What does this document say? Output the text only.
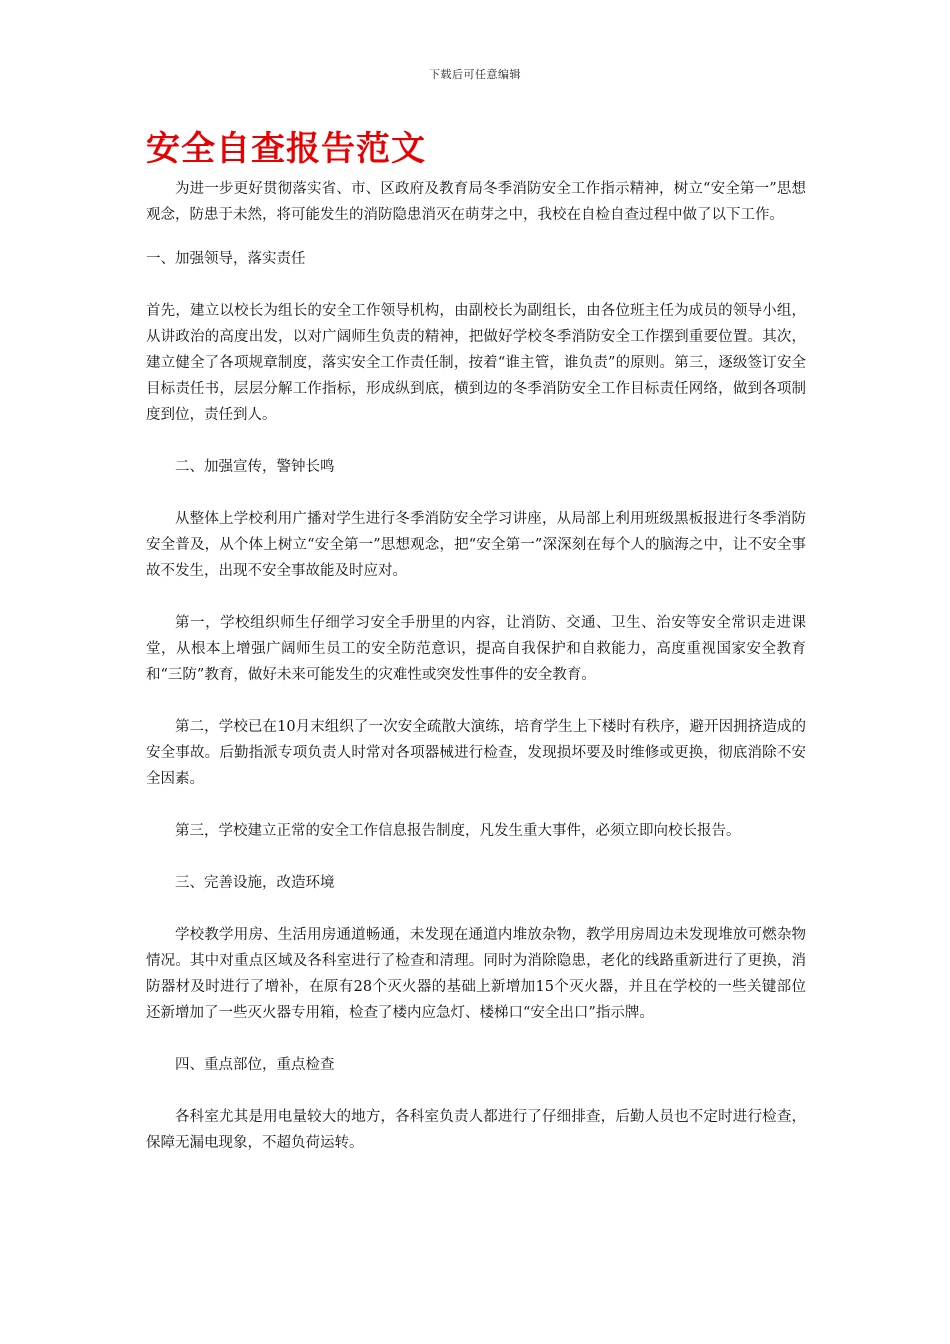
下载后可任意编辑
安全自查报告范文

为进一步更好贯彻落实省、市、区政府及教育局冬季消防安全工作指示精神，树立“安全第一”思想观念，防患于未然，将可能发生的消防隐患消灭在萌芽之中，我校在自检自查过程中做了以下工作。

一、加强领导，落实责任

首先，建立以校长为组长的安全工作领导机构，由副校长为副组长，由各位班主任为成员的领导小组，从讲政治的高度出发，以对广阔师生负责的精神，把做好学校冬季消防安全工作摆到重要位置。其次，建立健全了各项规章制度，落实安全工作责任制，按着“谁主管，谁负责”的原则。第三，逐级签订安全目标责任书，层层分解工作指标，形成纵到底，横到边的冬季消防安全工作目标责任网络，做到各项制度到位，责任到人。

二、加强宣传，警钟长鸣

从整体上学校利用广播对学生进行冬季消防安全学习讲座，从局部上利用班级黑板报进行冬季消防安全普及，从个体上树立“安全第一”思想观念，把“安全第一”深深刻在每个人的脑海之中，让不安全事故不发生，出现不安全事故能及时应对。

第一，学校组织师生仔细学习安全手册里的内容，让消防、交通、卫生、治安等安全常识走进课堂，从根本上增强广阔师生员工的安全防范意识，提高自我保护和自救能力，高度重视国家安全教育和“三防”教育，做好未来可能发生的灾难性或突发性事件的安全教育。

第二，学校已在10月末组织了一次安全疏散大演练，培育学生上下楼时有秩序，避开因拥挤造成的安全事故。后勤指派专项负责人时常对各项器械进行检查，发现损坏要及时维修或更换，彻底消除不安全因素。

第三，学校建立正常的安全工作信息报告制度，凡发生重大事件，必须立即向校长报告。

三、完善设施，改造环境

学校教学用房、生活用房通道畅通，未发现在通道内堆放杂物，教学用房周边未发现堆放可燃杂物情况。其中对重点区域及各科室进行了检查和清理。同时为消除隐患，老化的线路重新进行了更换，消防器材及时进行了增补，在原有28个灭火器的基础上新增加15个灭火器，并且在学校的一些关键部位还新增加了一些灭火器专用箱，检查了楼内应急灯、楼梯口“安全出口”指示牌。

四、重点部位，重点检查

各科室尤其是用电量较大的地方，各科室负责人都进行了仔细排查，后勤人员也不定时进行检查，保障无漏电现象，不超负荷运转。
